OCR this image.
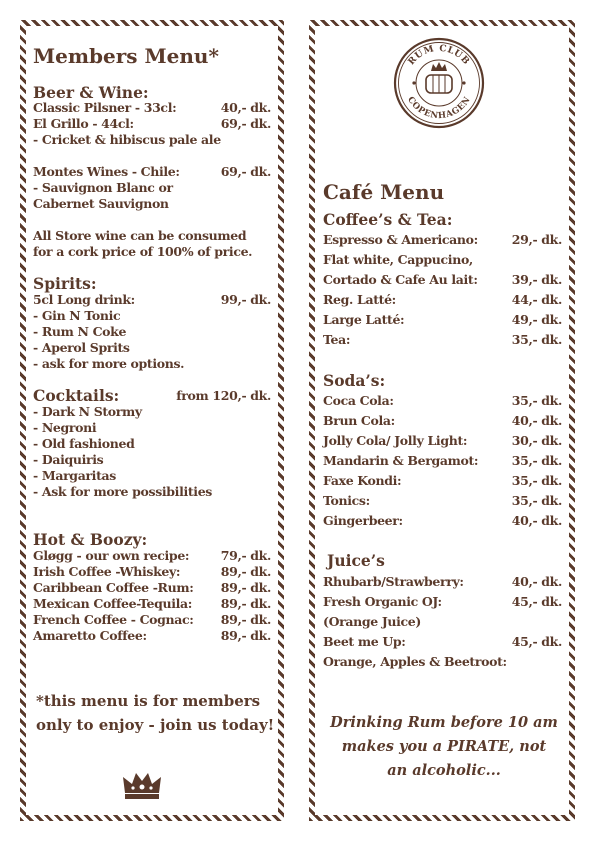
RUM CLUB
COPENHAGEN
Members Menu*
Beer & Wine:
Classic Pilsner - 33cl:	40,- dk.
El Grillo - 44cl:	69,- dk.
- Cricket & hibiscus pale ale
Montes Wines - Chile:	69,- dk.
- Sauvignon Blanc or
Cabernet Sauvignon
All Store wine can be consumed
for a cork price of 100% of price.
Spirits:
5cl Long drink:	99,- dk.
- Gin N Tonic
- Rum N Coke
- Aperol Sprits
- ask for more options.
Cocktails:	from 120,- dk.
- Dark N Stormy
- Negroni
- Old fashioned
- Daiquiris
- Margaritas
- Ask for more possibilities
Hot & Boozy:
Gløgg - our own recipe:	79,- dk.
Irish Coffee -Whiskey:	89,- dk.
Caribbean Coffee -Rum:	89,- dk.
Mexican Coffee-Tequila:	89,- dk.
French Coffee - Cognac:	89,- dk.
Amaretto Coffee:	89,- dk.
*this menu is for members
only to enjoy - join us today!
Café Menu
Coffee’s & Tea:
Espresso & Americano:	29,- dk.
Flat white, Cappucino,
Cortado & Cafe Au lait:	39,- dk.
Reg. Latté:	44,- dk.
Large Latté:	49,- dk.
Tea:	35,- dk.
Soda’s:
Coca Cola:	35,- dk.
Brun Cola:	40,- dk.
Jolly Cola/ Jolly Light:	30,- dk.
Mandarin & Bergamot:	35,- dk.
Faxe Kondi:	35,- dk.
Tonics:	35,- dk.
Gingerbeer:	40,- dk.
Juice’s
Rhubarb/Strawberry:	40,- dk.
Fresh Organic OJ:	45,- dk.
(Orange Juice)
Beet me Up:	45,- dk.
Orange, Apples & Beetroot:
Drinking Rum before 10 am
makes you a PIRATE, not
an alcoholic...
